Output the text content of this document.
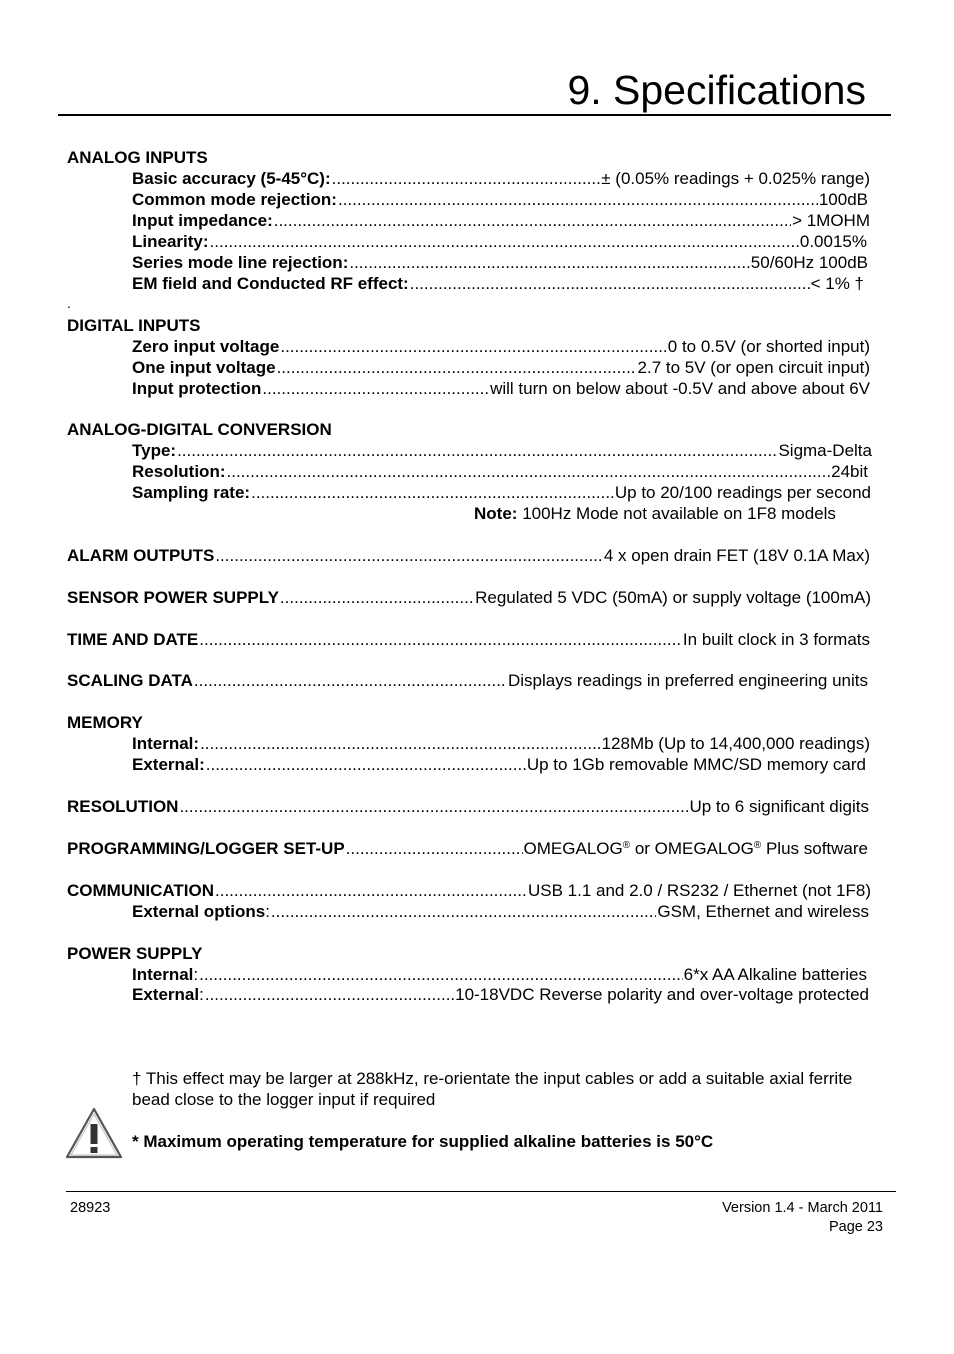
9. Specifications
ANALOG INPUTS
Basic accuracy (5-45°C): .....	± (0.05% readings + 0.025% range)
Common mode rejection: .....	100dB
Input impedance: .....	> 1MOHM
Linearity: .....	0.0015%
Series mode line rejection: .....	50/60Hz 100dB
EM field and Conducted RF effect: .....	< 1% †
.
DIGITAL INPUTS
Zero input voltage .....	0 to 0.5V (or shorted input)
One input voltage .....	2.7 to 5V (or open circuit input)
Input protection .....	will turn on below about -0.5V and above about 6V
ANALOG-DIGITAL CONVERSION
Type: .....	Sigma-Delta
Resolution: .....	24bit
Sampling rate: .....	Up to 20/100 readings per second
Note: 100Hz Mode not available on 1F8 models
ALARM OUTPUTS .....	4 x open drain FET (18V 0.1A Max)
SENSOR POWER SUPPLY .....	Regulated 5 VDC (50mA) or supply voltage (100mA)
TIME AND DATE .....	In built clock in 3 formats
SCALING DATA .....	Displays readings in preferred engineering units
MEMORY
Internal: .....	128Mb (Up to 14,400,000 readings)
External: .....	Up to 1Gb removable MMC/SD memory card
RESOLUTION .....	Up to 6 significant digits
PROGRAMMING/LOGGER SET-UP .....	OMEGALOG® or OMEGALOG® Plus software
COMMUNICATION .....	USB 1.1 and 2.0 / RS232 / Ethernet (not 1F8)
External options : .....	GSM, Ethernet and wireless
POWER SUPPLY
Internal : .....	6*x AA Alkaline batteries
External : .....	10-18VDC Reverse polarity and over-voltage protected
† This effect may be larger at 288kHz, re-orientate the input cables or add a suitable axial ferrite bead close to the logger input if required
* Maximum operating temperature for supplied alkaline batteries is 50°C
28923	Version 1.4 - March 2011
Page 23
